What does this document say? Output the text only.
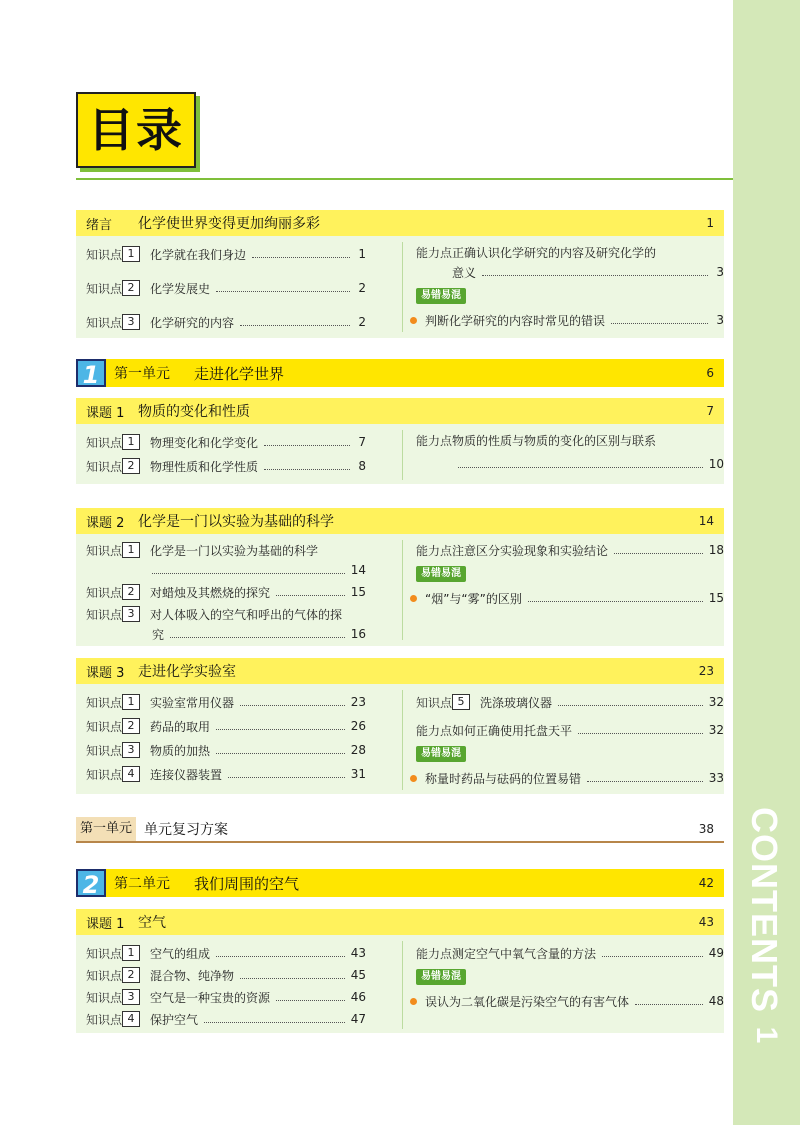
CONTENTS
1
目录
绪言	化学使世界变得更加绚丽多彩	1
知识点 1	化学就在我们身边	1
知识点 2	化学发展史	2
知识点 3	化学研究的内容	2
能力点 正确认识化学研究的内容及研究化学的
意义	3
易错易混
判断化学研究的内容时常见的错误	3
1	第一单元	走进化学世界	6
课题 1 物质的变化和性质	7
知识点 1	物理变化和化学变化	7
知识点 2	物理性质和化学性质	8
能力点 物质的性质与物质的变化的区别与联系
10
课题 2 化学是一门以实验为基础的科学	14
知识点 1	化学是一门以实验为基础的科学
14
知识点 2	对蜡烛及其燃烧的探究	15
知识点 3	对人体吸入的空气和呼出的气体的探
究	16
能力点 注意区分实验现象和实验结论	18
易错易混
“烟”与“雾”的区别	15
课题 3 走进化学实验室	23
知识点 1	实验室常用仪器	23
知识点 2	药品的取用	26
知识点 3	物质的加热	28
知识点 4	连接仪器装置	31
知识点 5	洗涤玻璃仪器	32
能力点 如何正确使用托盘天平	32
易错易混
称量时药品与砝码的位置易错	33
第一单元 单元复习方案	38
2	第二单元	我们周围的空气	42
课题 1 空气	43
知识点 1	空气的组成	43
知识点 2	混合物、纯净物	45
知识点 3	空气是一种宝贵的资源	46
知识点 4	保护空气	47
能力点 测定空气中氧气含量的方法	49
易错易混
误认为二氧化碳是污染空气的有害气体	48
